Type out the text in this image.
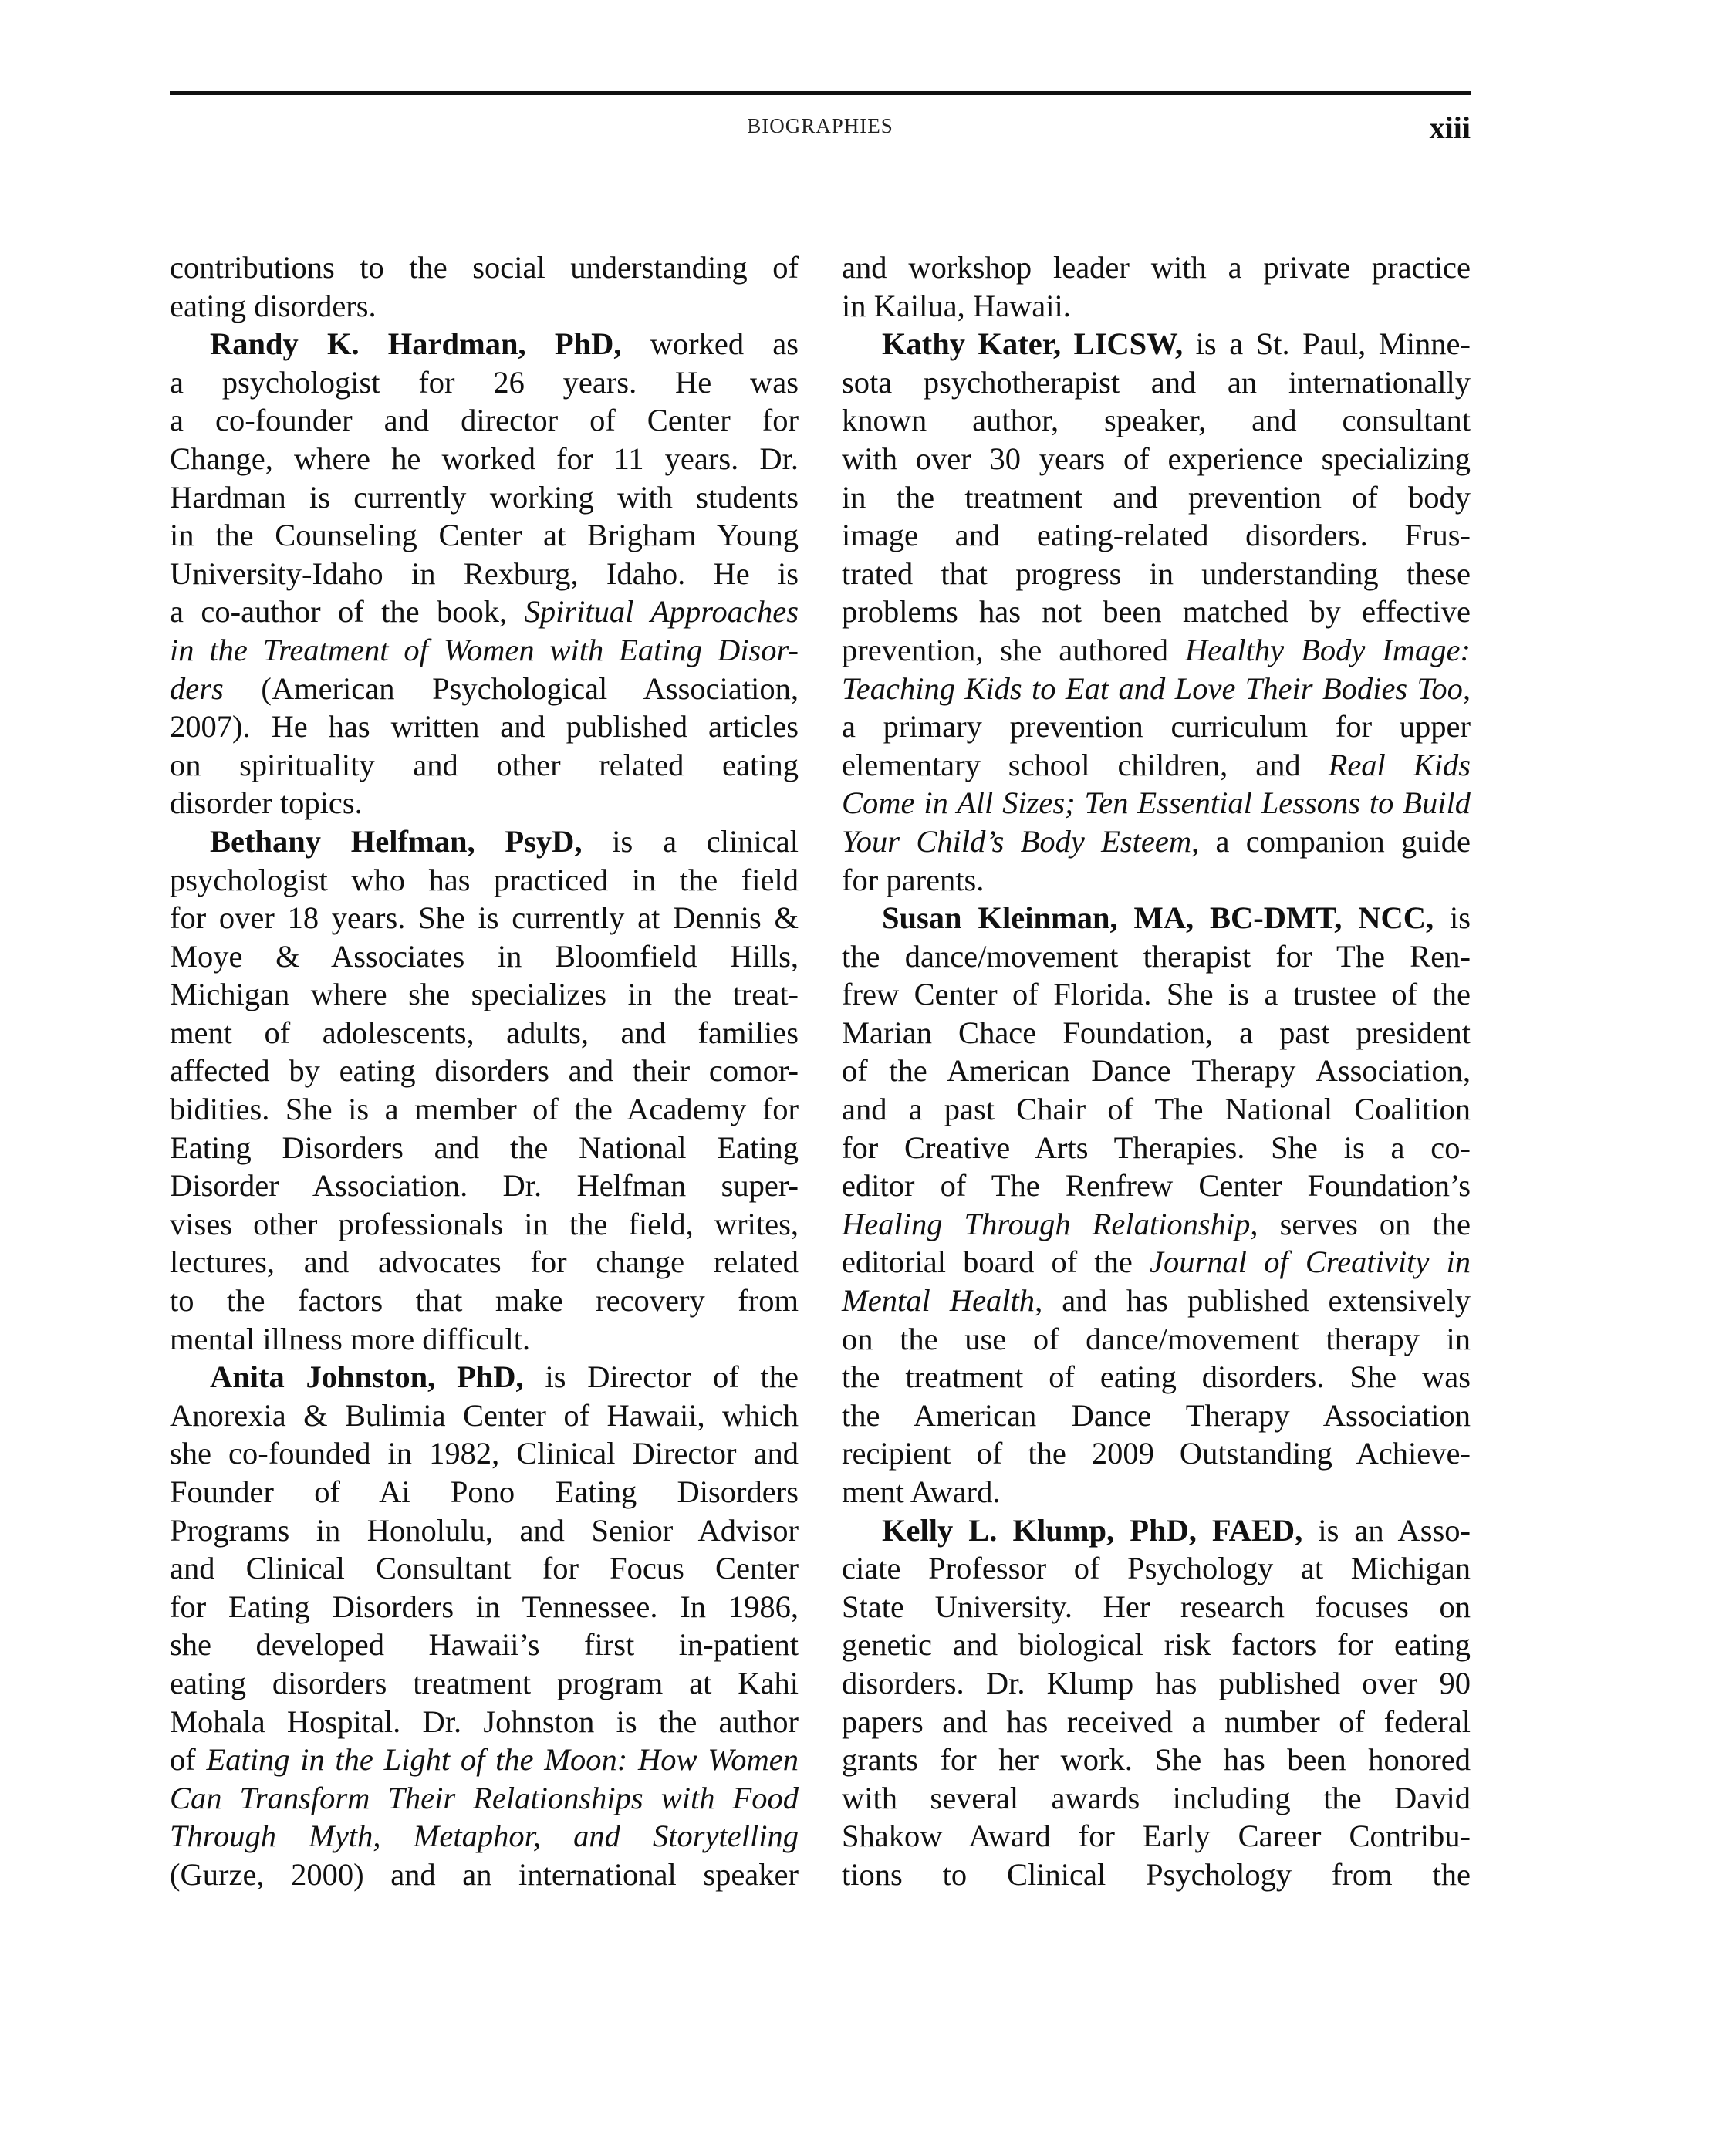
BIOGRAPHIES	xiii
contributions to the social understanding of
eating disorders.
Randy K. Hardman, PhD, worked as
a psychologist for 26 years. He was
a co-founder and director of Center for
Change, where he worked for 11 years. Dr.
Hardman is currently working with students
in the Counseling Center at Brigham Young
University-Idaho in Rexburg, Idaho. He is
a co-author of the book, Spiritual Approaches
in the Treatment of Women with Eating Disor-
ders (American Psychological Association,
2007). He has written and published articles
on spirituality and other related eating
disorder topics.
Bethany Helfman, PsyD, is a clinical
psychologist who has practiced in the field
for over 18 years. She is currently at Dennis &
Moye & Associates in Bloomfield Hills,
Michigan where she specializes in the treat-
ment of adolescents, adults, and families
affected by eating disorders and their comor-
bidities. She is a member of the Academy for
Eating Disorders and the National Eating
Disorder Association. Dr. Helfman super-
vises other professionals in the field, writes,
lectures, and advocates for change related
to the factors that make recovery from
mental illness more difficult.
Anita Johnston, PhD, is Director of the
Anorexia & Bulimia Center of Hawaii, which
she co-founded in 1982, Clinical Director and
Founder of Ai Pono Eating Disorders
Programs in Honolulu, and Senior Advisor
and Clinical Consultant for Focus Center
for Eating Disorders in Tennessee. In 1986,
she developed Hawaii’s first in-patient
eating disorders treatment program at Kahi
Mohala Hospital. Dr. Johnston is the author
of Eating in the Light of the Moon: How Women
Can Transform Their Relationships with Food
Through Myth, Metaphor, and Storytelling
(Gurze, 2000) and an international speaker
and workshop leader with a private practice
in Kailua, Hawaii.
Kathy Kater, LICSW, is a St. Paul, Minne-
sota psychotherapist and an internationally
known author, speaker, and consultant
with over 30 years of experience specializing
in the treatment and prevention of body
image and eating-related disorders. Frus-
trated that progress in understanding these
problems has not been matched by effective
prevention, she authored Healthy Body Image:
Teaching Kids to Eat and Love Their Bodies Too,
a primary prevention curriculum for upper
elementary school children, and Real Kids
Come in All Sizes; Ten Essential Lessons to Build
Your Child’s Body Esteem, a companion guide
for parents.
Susan Kleinman, MA, BC-DMT, NCC, is
the dance/movement therapist for The Ren-
frew Center of Florida. She is a trustee of the
Marian Chace Foundation, a past president
of the American Dance Therapy Association,
and a past Chair of The National Coalition
for Creative Arts Therapies. She is a co-
editor of The Renfrew Center Foundation’s
Healing Through Relationship, serves on the
editorial board of the Journal of Creativity in
Mental Health, and has published extensively
on the use of dance/movement therapy in
the treatment of eating disorders. She was
the American Dance Therapy Association
recipient of the 2009 Outstanding Achieve-
ment Award.
Kelly L. Klump, PhD, FAED, is an Asso-
ciate Professor of Psychology at Michigan
State University. Her research focuses on
genetic and biological risk factors for eating
disorders. Dr. Klump has published over 90
papers and has received a number of federal
grants for her work. She has been honored
with several awards including the David
Shakow Award for Early Career Contribu-
tions to Clinical Psychology from the
